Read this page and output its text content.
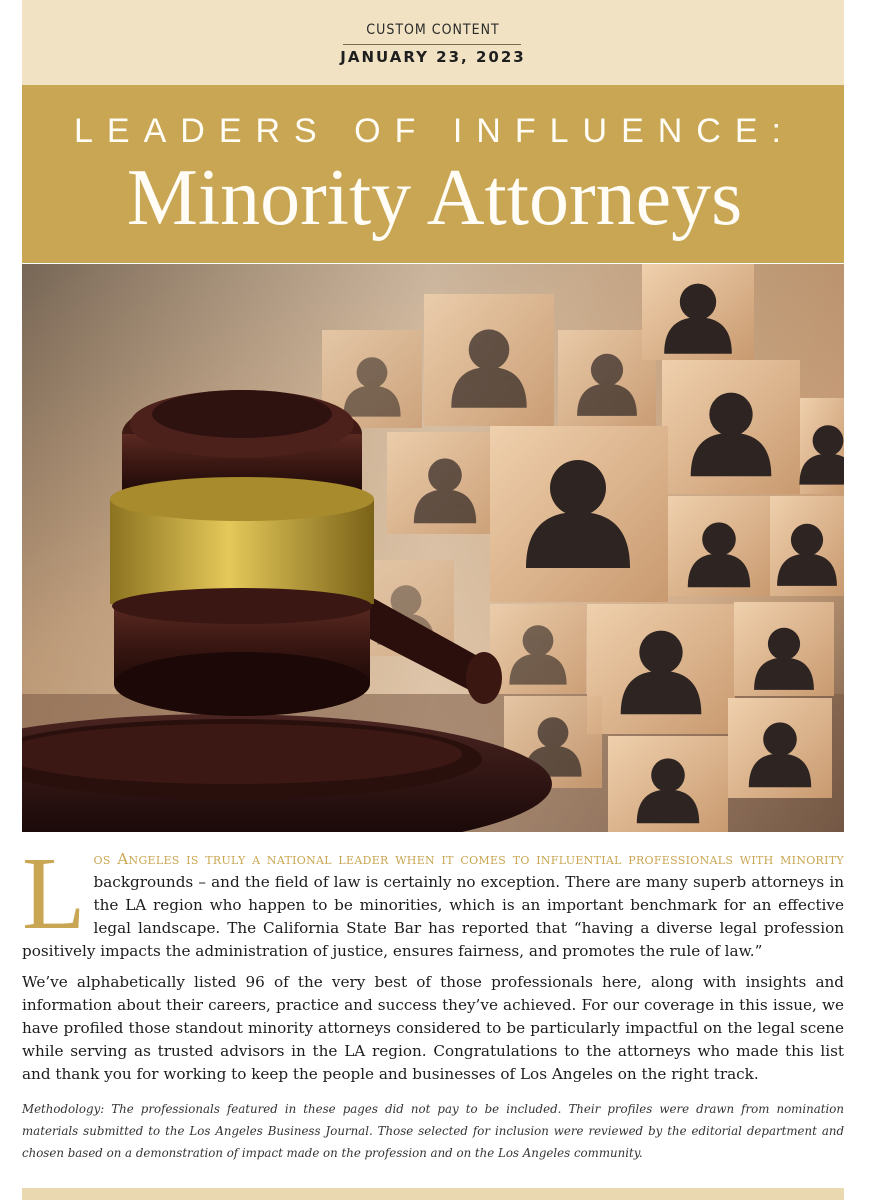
CUSTOM CONTENT
JANUARY 23, 2023
LEADERS OF INFLUENCE:
Minority Attorneys

Los Angeles is truly a national leader when it comes to influential professionals with minority backgrounds – and the field of law is certainly no exception. There are many superb attorneys in the LA region who happen to be minorities, which is an important benchmark for an effective legal landscape. The California State Bar has reported that “having a diverse legal profession positively impacts the administration of justice, ensures fairness, and promotes the rule of law.”

We’ve alphabetically listed 96 of the very best of those professionals here, along with insights and information about their careers, practice and success they’ve achieved. For our coverage in this issue, we have profiled those standout minority attorneys considered to be particularly impactful on the legal scene while serving as trusted advisors in the LA region. Congratulations to the attorneys who made this list and thank you for working to keep the people and businesses of Los Angeles on the right track.

Methodology: The professionals featured in these pages did not pay to be included. Their profiles were drawn from nomination materials submitted to the Los Angeles Business Journal. Those selected for inclusion were reviewed by the editorial department and chosen based on a demonstration of impact made on the profession and on the Los Angeles community.
